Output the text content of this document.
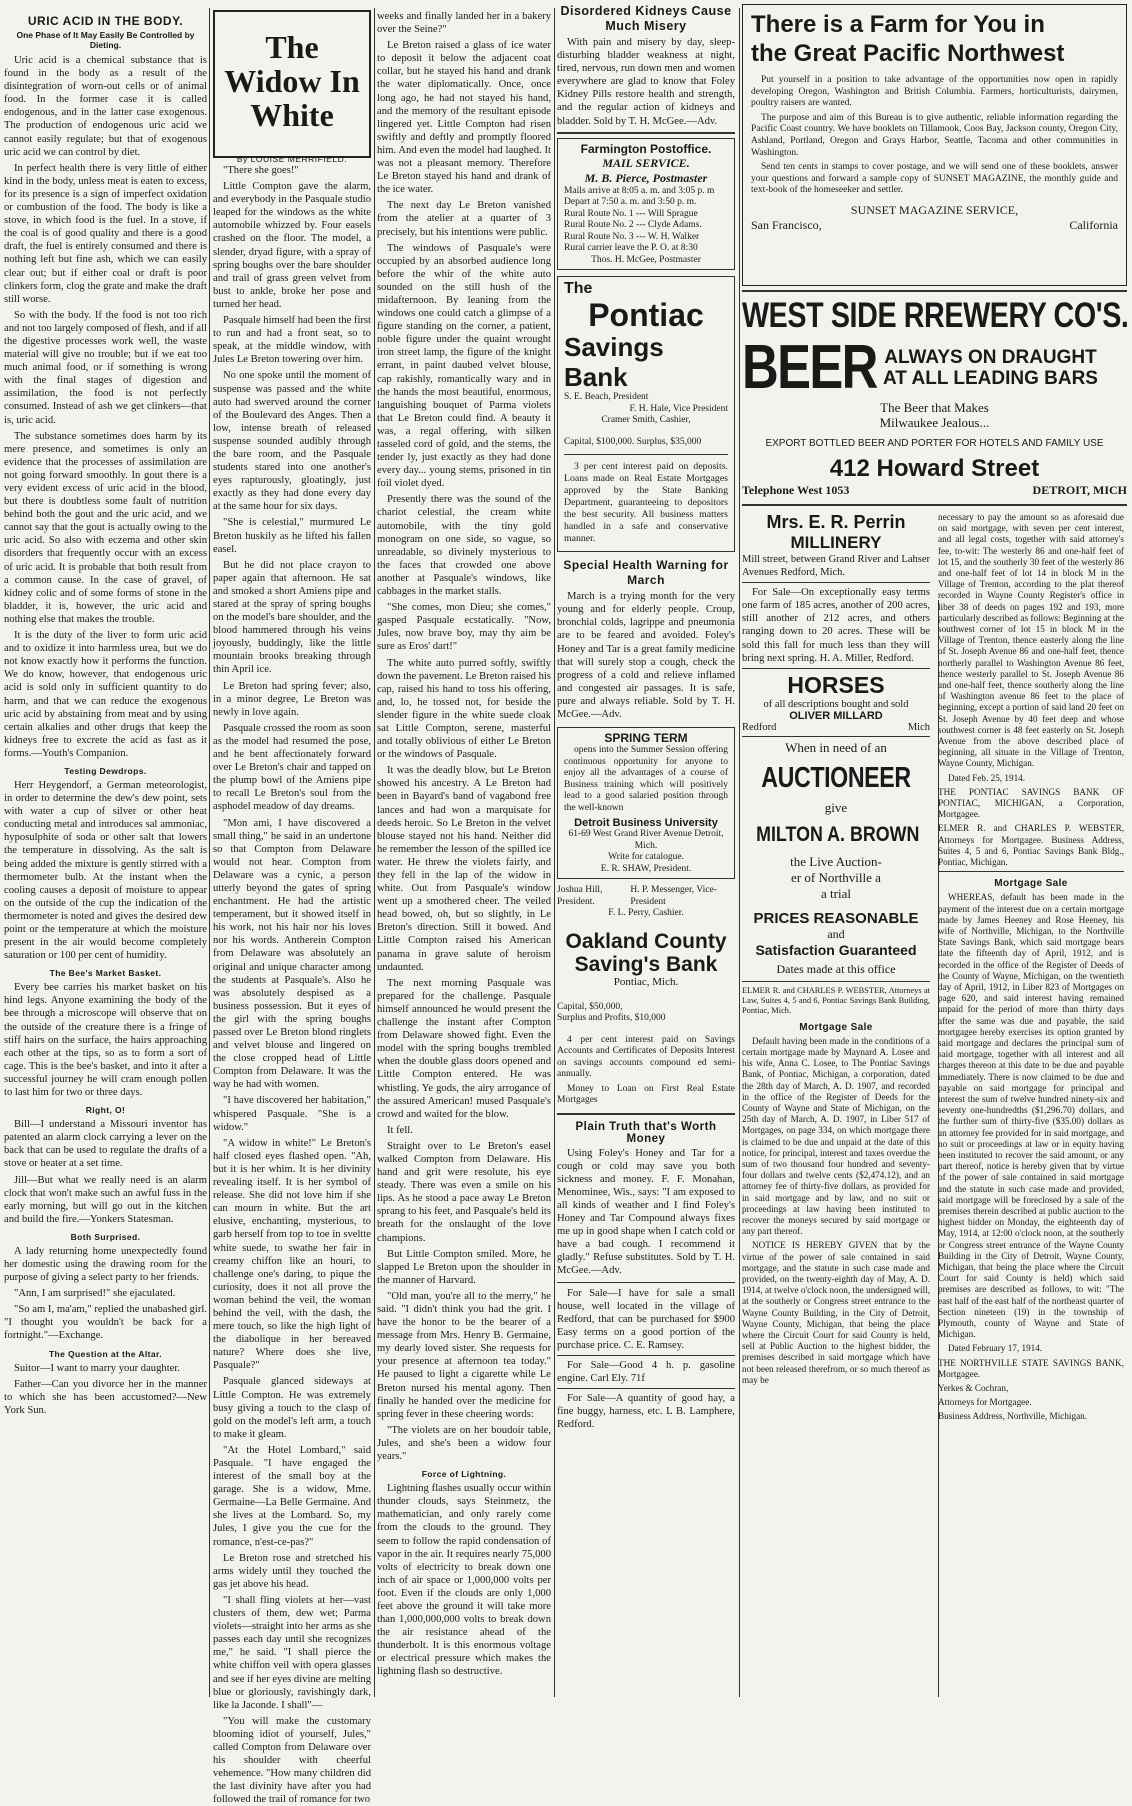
URIC ACID IN THE BODY.
One Phase of It May Easily Be Controlled by Dieting.

Uric acid is a chemical substance that is found in the body as a result of the disintegration of worn-out cells or of animal food. In the former case it is called endogenous, and in the latter case exogenous. The production of endogenous uric acid we cannot easily regulate; but that of exogenous uric acid we can control by diet.

In perfect health there is very little of either kind in the body, unless meat is eaten to excess, for its presence is a sign of imperfect oxidation or combustion of the food. The body is like a stove, in which food is the fuel. In a stove, if the coal is of good quality and there is a good draft, the fuel is entirely consumed and there is nothing left but fine ash, which we can easily clear out; but if either coal or draft is poor clinkers form, clog the grate and make the draft still worse.

So with the body. If the food is not too rich and not too largely composed of flesh, and if all the digestive processes work well, the waste material will give no trouble; but if we eat too much animal food, or if something is wrong with the final stages of digestion and assimilation, the food is not perfectly consumed. Instead of ash we get clinkers—that is, uric acid.

The substance sometimes does harm by its mere presence, and sometimes is only an evidence that the processes of assimilation are not going forward smoothly. In gout there is a very evident excess of uric acid in the blood, but there is doubtless some fault of nutrition behind both the gout and the uric acid, and we cannot say that the gout is actually owing to the uric acid. So also with eczema and other skin disorders that frequently occur with an excess of uric acid. It is probable that both result from a common cause. In the case of gravel, of kidney colic and of some forms of stone in the bladder, it is, however, the uric acid and nothing else that makes the trouble.

It is the duty of the liver to form uric acid and to oxidize it into harmless urea, but we do not know exactly how it performs the function. We do know, however, that endogenous uric acid is sold only in sufficient quantity to do harm, and that we can reduce the exogenous uric acid by abstaining from meat and by using certain alkalies and other drugs that keep the kidneys free to excrete the acid as fast as it forms.—Youth's Companion.

Testing Dewdrops.

Herr Heygendorf, a German meteorologist, in order to determine the dew's dew point, sets with water a cup of silver or other heat conducting metal and introduces sal ammoniac, hyposulphite of soda or other salt that lowers the temperature in dissolving. As the salt is being added the mixture is gently stirred with a thermometer bulb. At the instant when the cooling causes a deposit of moisture to appear on the outside of the cup the indication of the thermometer is noted and gives the desired dew point or the temperature at which the moisture present in the air would become completely saturation or 100 per cent of humidity.

The Bee's Market Basket.

Every bee carries his market basket on his hind legs. Anyone examining the body of the bee through a microscope will observe that on the outside of the creature there is a fringe of stiff hairs on the surface, the hairs approaching each other at the tips, so as to form a sort of cage. This is the bee's basket, and into it after a successful journey he will cram enough pollen to last him for two or three days.

Right, O!

Bill—I understand a Missouri inventor has patented an alarm clock carrying a lever on the back that can be used to regulate the drafts of a stove or heater at a set time.

Jill—But what we really need is an alarm clock that won't make such an awful fuss in the early morning, but will go out in the kitchen and build the fire.—Yonkers Statesman.

Both Surprised.

A lady returning home unexpectedly found her domestic using the drawing room for the purpose of giving a select party to her friends.

"Ann, I am surprised!" she ejaculated.

"So am I, ma'am," replied the unabashed girl. "I thought you wouldn't be back for a fortnight."—Exchange.

The Question at the Altar.

Suitor—I want to marry your daughter.

Father—Can you divorce her in the manner to which she has been accustomed?—New York Sun.

The Widow In White
By LOUISE MERRIFIELD.

"There she goes!"

Little Compton gave the alarm, and everybody in the Pasquale studio leaped for the windows as the white automobile whizzed by. Four easels crashed on the floor. The model, a slender, dryad figure, with a spray of spring boughs over the bare shoulder and trail of grass green velvet from bust to ankle, broke her pose and turned her head.

Pasquale himself had been the first to run and had a front seat, so to speak, at the middle window, with Jules Le Breton towering over him.

No one spoke until the moment of suspense was passed and the white auto had swerved around the corner of the Boulevard des Anges. Then a low, intense breath of released suspense sounded audibly through the bare room, and the Pasquale students stared into one another's eyes rapturously, gloatingly, just exactly as they had done every day at the same hour for six days.

"She is celestial," murmured Le Breton huskily as he lifted his fallen easel.

But he did not place crayon to paper again that afternoon. He sat and smoked a short Amiens pipe and stared at the spray of spring boughs on the model's bare shoulder, and the blood hammered through his veins joyously, buddingly, like the little mountain brooks breaking through thin April ice.

Le Breton had spring fever; also, in a minor degree, Le Breton was newly in love again.

Pasquale crossed the room as soon as the model had resumed the pose, and he bent affectionately forward over Le Breton's chair and tapped on the plump bowl of the Amiens pipe to recall Le Breton's soul from the asphodel meadow of day dreams.

"Mon ami, I have discovered a small thing," he said in an undertone so that Compton from Delaware would not hear. Compton from Delaware was a cynic, a person utterly beyond the gates of spring enchantment. He had the artistic temperament, but it showed itself in his work, not his hair nor his loves nor his words. Antherein Compton from Delaware was absolutely an original and unique character among the students at Pasquale's. Also he was absolutely despised as a business possession. But it eyes of the girl with the spring boughs passed over Le Breton blond ringlets and velvet blouse and lingered on the close cropped head of Little Compton from Delaware. It was the way he had with women.

"I have discovered her habitation," whispered Pasquale. "She is a widow."

"A widow in white!" Le Breton's half closed eyes flashed open. "Ah, but it is her whim. It is her divinity revealing itself. It is her symbol of release. She did not love him if she can mourn in white. But the art elusive, enchanting, mysterious, to garb herself from top to toe in sveltte white suede, to swathe her fair in creamy chiffon like an houri, to challenge one's daring, to pique the curiosity, does it not all prove the woman behind the veil, the woman behind the veil, with the dash, the mere touch, so like the high light of the diabolique in her bereaved nature? Where does she live, Pasquale?"

Pasquale glanced sideways at Little Compton. He was extremely busy giving a touch to the clasp of gold on the model's left arm, a touch to make it gleam.

"At the Hotel Lombard," said Pasquale. "I have engaged the interest of the small boy at the garage. She is a widow, Mme. Germaine—La Belle Germaine. And she lives at the Lombard. So, my Jules, I give you the cue for the romance, n'est-ce-pas?"

Le Breton rose and stretched his arms widely until they touched the gas jet above his head.

"I shall fling violets at her—vast clusters of them, dew wet; Parma violets—straight into her arms as she passes each day until she recognizes me," he said. "I shall pierce the white chiffon veil with opera glasses and see if her eyes divine are melting blue or gloriously, ravishingly dark, like la Jaconde. I shall"—

"You will make the customary blooming idiot of yourself, Jules," called Compton from Delaware over his shoulder with cheerful vehemence. "How many children did the last divinity have after you had followed the trail of romance for two

weeks and finally landed her in a bakery over the Seine?"

Le Breton raised a glass of ice water to deposit it below the adjacent coat collar, but he stayed his hand and drank the water diplomatically. Once, once long ago, he had not stayed his hand, and the memory of the resultant episode lingered yet. Little Compton had risen swiftly and deftly and promptly floored him. And even the model had laughed. It was not a pleasant memory. Therefore Le Breton stayed his hand and drank of the ice water.

The next day Le Breton vanished from the atelier at a quarter of 3 precisely, but his intentions were public.

The windows of Pasquale's were occupied by an absorbed audience long before the whir of the white auto sounded on the still hush of the midafternoon. By leaning from the windows one could catch a glimpse of a figure standing on the corner, a patient, noble figure under the quaint wrought iron street lamp, the figure of the knight errant, in paint daubed velvet blouse, cap rakishly, romantically wary and in the hands the most beautiful, enormous, languishing bouquet of Parma violets that Le Breton could find. A beauty it was, a regal offering, with silken tasseled cord of gold, and the stems, the tender ly, just exactly as they had done every day... young stems, prisoned in tin foil violet dyed.

Presently there was the sound of the chariot celestial, the cream white automobile, with the tiny gold monogram on one side, so vague, so unreadable, so divinely mysterious to the faces that crowded one above another at Pasquale's windows, like cabbages in the market stalls.

"She comes, mon Dieu; she comes," gasped Pasquale ecstatically. "Now, Jules, now brave boy, may thy aim be sure as Eros' dart!"

The white auto purred softly, swiftly down the pavement. Le Breton raised his cap, raised his hand to toss his offering, and, lo, he tossed not, for beside the slender figure in the white suede cloak sat Little Compton, serene, masterful and totally oblivious of either Le Breton or the windows of Pasquale.

It was the deadly blow, but Le Breton showed his ancestry. A Le Breton had been in Bayard's band of vagabond free lances and had won a marquisate for deeds heroic. So Le Breton in the velvet blouse stayed not his hand. Neither did he remember the lesson of the spilled ice water. He threw the violets fairly, and they fell in the lap of the widow in white. Out from Pasquale's window went up a smothered cheer. The veiled head bowed, oh, but so slightly, in Le Breton's direction. Still it bowed. And Little Compton raised his American panama in grave salute of heroism undaunted.

The next morning Pasquale was prepared for the challenge. Pasquale himself announced he would present the challenge the instant after Compton from Delaware showed fight. Even the model with the spring boughs trembled when the double glass doors opened and Little Compton entered. He was whistling. Ye gods, the airy arrogance of the assured American! mused Pasquale's crowd and waited for the blow.

It fell.

Straight over to Le Breton's easel walked Compton from Delaware. His hand and grit were resolute, his eye steady. There was even a smile on his lips. As he stood a pace away Le Breton sprang to his feet, and Pasquale's held its breath for the onslaught of the love champions.

But Little Compton smiled. More, he slapped Le Breton upon the shoulder in the manner of Harvard.

"Old man, you're all to the merry," he said. "I didn't think you had the grit. I have the honor to be the bearer of a message from Mrs. Henry B. Germaine, my dearly loved sister. She requests for your presence at afternoon tea today." He paused to light a cigarette while Le Breton nursed his mental agony. Then finally he handed over the medicine for spring fever in these cheering words:

"The violets are on her boudoir table, Jules, and she's been a widow four years."

Force of Lightning.

Lightning flashes usually occur within thunder clouds, says Steinmetz, the mathematician, and only rarely come from the clouds to the ground. They seem to follow the rapid condensation of vapor in the air. It requires nearly 75,000 volts of electricity to break down one inch of air space or 1,000,000 volts per foot. Even if the clouds are only 1,000 feet above the ground it will take more than 1,000,000,000 volts to break down the air resistance ahead of the thunderbolt. It is this enormous voltage or electrical pressure which makes the lightning flash so destructive.

Disordered Kidneys Cause Much Misery

With pain and misery by day, sleep-disturbing bladder weakness at night, tired, nervous, run down men and women everywhere are glad to know that Foley Kidney Pills restore health and strength, and the regular action of kidneys and bladder. Sold by T. H. McGee.—Adv.

Farmington Postoffice.
MAIL SERVICE.
M. B. Pierce, Postmaster
Mails arrive at 8:05 a. m. and 3:05 p. m
Depart at 7:50 a. m. and 3:50 p. m.
Rural Route No. 1 --- Will Sprague
Rural Route No. 2 --- Clyde Adams.
Rural Route No. 3 --- W. H. Walker
Rural carrier leave the P. O. at 8:30
Thos. H. McGee, Postmaster
The
Pontiac
Savings Bank
S. E. Beach, President
F. H. Hale, Vice President
Cramer Smith, Cashier,
Capital, $100,000. Surplus, $35,000

3 per cent interest paid on deposits. Loans made on Real Estate Mortgages approved by the State Banking Department, guaranteeing to depositors the best security. All business matters handled in a safe and conservative manner.

Special Health Warning for March

March is a trying month for the very young and for elderly people. Croup, bronchial colds, lagrippe and pneumonia are to be feared and avoided. Foley's Honey and Tar is a great family medicine that will surely stop a cough, check the progress of a cold and relieve inflamed and congested air passages. It is safe, pure and always reliable. Sold by T. H. McGee.—Adv.

SPRING TERM

opens into the Summer Session offering continuous opportunity for anyone to enjoy all the advantages of a course of Business training which will positively lead to a good salaried position through the well-known

Detroit Business University
61-69 West Grand River Avenue Detroit, Mich.
Write for catalogue.
E. R. SHAW, President.
Joshua Hill, President.
H. P. Messenger, Vice-President
F. L. Perry, Cashier.
Oakland County Saving's Bank
Pontiac, Mich.
Capital, $50,000,
Surplus and Profits, $10,000

4 per cent interest paid on Savings Accounts and Certificates of Deposits Interest on savings accounts compound ed semi-annually.

Money to Loan on First Real Estate Mortgages

Plain Truth that's Worth Money

Using Foley's Honey and Tar for a cough or cold may save you both sickness and money. F. F. Monahan, Menominee, Wis., says: "I am exposed to all kinds of weather and I find Foley's Honey and Tar Compound always fixes me up in good shape when I catch cold or have a bad cough. I recommend it gladly." Refuse substitutes. Sold by T. H. McGee.—Adv.

For Sale—I have for sale a small house, well located in the village of Redford, that can be purchased for $900 Easy terms on a good portion of the purchase price. C. E. Ramsey.

For Sale—Good 4 h. p. gasoline engine. Carl Ely. 71f

For Sale—A quantity of good hay, a fine buggy, harness, etc. L B. Lamphere, Redford.

There is a Farm for You in
the Great Pacific Northwest

Put yourself in a position to take advantage of the opportunities now open in rapidly developing Oregon, Washington and British Columbia. Farmers, horticulturists, dairymen, poultry raisers are wanted.

The purpose and aim of this Bureau is to give authentic, reliable information regarding the Pacific Coast country. We have booklets on Tillamook, Coos Bay, Jackson county, Oregon City, Ashland, Portland, Oregon and Grays Harbor, Seattle, Tacoma and other communities in Washington.

Send ten cents in stamps to cover postage, and we will send one of these booklets, answer your questions and forward a sample copy of SUNSET MAGAZINE, the monthly guide and text-book of the homeseeker and settler.

SUNSET MAGAZINE SERVICE,
San Francisco,	California
WEST SIDE RREWERY CO'S.
BEER ALWAYS ON DRAUGHT
AT ALL LEADING BARS
The Beer that Makes
Milwaukee Jealous...
EXPORT BOTTLED BEER AND PORTER FOR HOTELS AND FAMILY USE
412 Howard Street
Telephone West 1053	DETROIT, MICH
Mrs. E. R. Perrin
MILLINERY

Mill street, between Grand River and Lahser Avenues Redford, Mich.

For Sale—On exceptionally easy terms one farm of 185 acres, another of 200 acres, still another of 212 acres, and others ranging down to 20 acres. These will be sold this fall for much less than they will bring next spring. H. A. Miller, Redford.

HORSES
of all descriptions bought and sold
OLIVER MILLARD
Redford	Mich
When in need of an
AUCTIONEER
give
MILTON A. BROWN
the Live Auction-
er of Northville a
a trial
PRICES REASONABLE
and
Satisfaction Guaranteed
Dates made at this office

ELMER R. and CHARLES P. WEBSTER, Attorneys at Law, Suites 4, 5 and 6, Pontiac Savings Bank Building, Pontiac, Mich.

Mortgage Sale

Default having been made in the conditions of a certain mortgage made by Maynard A. Losee and his wife, Anna C. Losee, to The Pontiac Savings Bank, of Pontiac, Michigan, a corporation, dated the 28th day of March, A. D. 1907, and recorded in the office of the Register of Deeds for the County of Wayne and State of Michigan, on the 25th day of March, A. D. 1907, in Liber 517 of Mortgages, on page 334, on which mortgage there is claimed to be due and unpaid at the date of this notice, for principal, interest and taxes overdue the sum of two thousand four hundred and seventy-four dollars and twelve cents ($2,474.12), and an attorney fee of thirty-five dollars, as provided for in said mortgage and by law, and no suit or proceedings at law having been instituted to recover the moneys secured by said mortgage or any part thereof.

NOTICE IS HEREBY GIVEN that by the virtue of the power of sale contained in said mortgage, and the statute in such case made and provided, on the twenty-eighth day of May, A. D. 1914, at twelve o'clock noon, the undersigned will, at the southerly or Congress street entrance to the Wayne County Building, in the City of Detroit, Wayne County, Michigan, that being the place where the Circuit Court for said County is held, sell at Public Auction to the highest bidder, the premises described in said mortgage which have not been released therefrom, or so much thereof as may be

necessary to pay the amount so as aforesaid due on said mortgage, with seven per cent interest, and all legal costs, together with said attorney's fee, to-wit: The westerly 86 and one-half feet of lot 15, and the southerly 30 feet of the westerly 86 and one-half feet of lot 14 in block M in the Village of Trenton, according to the plat thereof recorded in Wayne County Register's office in liber 38 of deeds on pages 192 and 193, more particularly described as follows: Beginning at the southwest corner of lot 15 in block M in the Village of Trenton, thence easterly along the line of St. Joseph Avenue 86 and one-half feet, thence northerly parallel to Washington Avenue 86 feet, thence westerly parallel to St. Joseph Avenue 86 and one-half feet, thence southerly along the line of Washington avenue 86 feet to the place of beginning, except a portion of said land 20 feet on St. Joseph Avenue by 40 feet deep and whose southwest corner is 48 feet easterly on St. Joseph Avenue from the above described place of beginning, all situate in the Village of Trenton, Wayne County, Michigan.

Dated Feb. 25, 1914.

THE PONTIAC SAVINGS BANK OF PONTIAC, MICHIGAN, a Corporation, Mortgagee.

ELMER R. and CHARLES P. WEBSTER, Attorneys for Mortgagee. Business Address, Suites 4, 5 and 6, Pontiac Savings Bank Bldg., Pontiac, Michigan.

Mortgage Sale

WHEREAS, default has been made in the payment of the interest due on a certain mortgage made by James Heeney and Rose Heeney, his wife of Northville, Michigan, to the Northville State Savings Bank, which said mortgage bears date the fifteenth day of April, 1912, and is recorded in the office of the Register of Deeds of the County of Wayne, Michigan, on the twentieth day of April, 1912, in Liber 823 of Mortgages on page 620, and said interest having remained unpaid for the period of more than thirty days after the same was due and payable, the said mortgagee hereby exercises its option granted by said mortgage and declares the principal sum of said mortgage, together with all interest and all charges thereon at this date to be due and payable immediately. There is now claimed to be due and payable on said mortgage for principal and interest the sum of twelve hundred ninety-six and seventy one-hundredths ($1,296.70) dollars, and the further sum of thirty-five ($35.00) dollars as an attorney fee provided for in said mortgage, and no suit or proceedings at law or in equity having been instituted to recover the said amount, or any part thereof, notice is hereby given that by virtue of the power of sale contained in said mortgage and the statute in such case made and provided, said mortgage will be foreclosed by a sale of the premises therein described at public auction to the highest bidder on Monday, the eighteenth day of May, 1914, at 12:00 o'clock noon, at the southerly or Congress street entrance of the Wayne County Building in the City of Detroit, Wayne County, Michigan, that being the place where the Circuit Court for said County is held) which said premises are described as follows, to wit: "The east half of the east half of the northeast quarter of Section nineteen (19) in the township of Plymouth, county of Wayne and State of Michigan.

Dated February 17, 1914.

THE NORTHVILLE STATE SAVINGS BANK, Mortgagee.

Yerkes & Cochran,

Attorneys for Mortgagee.

Business Address, Northville, Michigan.
